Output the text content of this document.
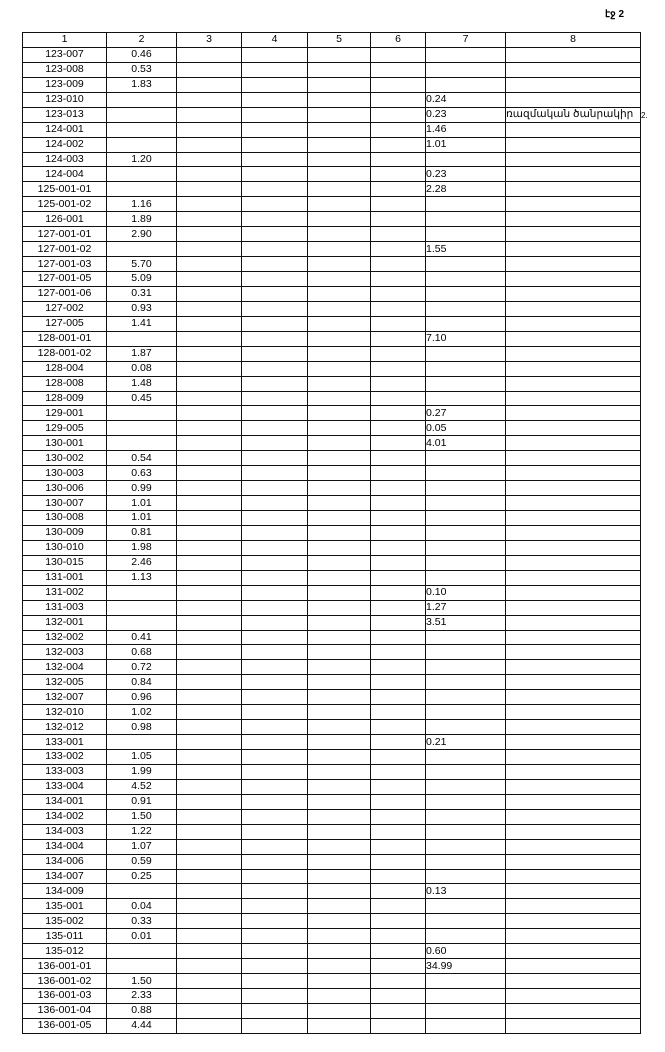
էջ 2
2.
1	2	3	4	5	6	7	8
123-007	0.46						
123-008	0.53						
123-009	1.83						
123-010						0.24	
123-013						0.23	ռազմական ծանրակիր
124-001						1.46	
124-002						1.01	
124-003	1.20						
124-004						0.23	
125-001-01						2.28	
125-001-02	1.16						
126-001	1.89						
127-001-01	2.90						
127-001-02						1.55	
127-001-03	5.70						
127-001-05	5.09						
127-001-06	0.31						
127-002	0.93						
127-005	1.41						
128-001-01						7.10	
128-001-02	1.87						
128-004	0.08						
128-008	1.48						
128-009	0.45						
129-001						0.27	
129-005						0.05	
130-001						4.01	
130-002	0.54						
130-003	0.63						
130-006	0.99						
130-007	1.01						
130-008	1.01						
130-009	0.81						
130-010	1.98						
130-015	2.46						
131-001	1.13						
131-002						0.10	
131-003						1.27	
132-001						3.51	
132-002	0.41						
132-003	0.68						
132-004	0.72						
132-005	0.84						
132-007	0.96						
132-010	1.02						
132-012	0.98						
133-001						0.21	
133-002	1.05						
133-003	1.99						
133-004	4.52						
134-001	0.91						
134-002	1.50						
134-003	1.22						
134-004	1.07						
134-006	0.59						
134-007	0.25						
134-009						0.13	
135-001	0.04						
135-002	0.33						
135-011	0.01						
135-012						0.60	
136-001-01						34.99	
136-001-02	1.50						
136-001-03	2.33						
136-001-04	0.88						
136-001-05	4.44						
